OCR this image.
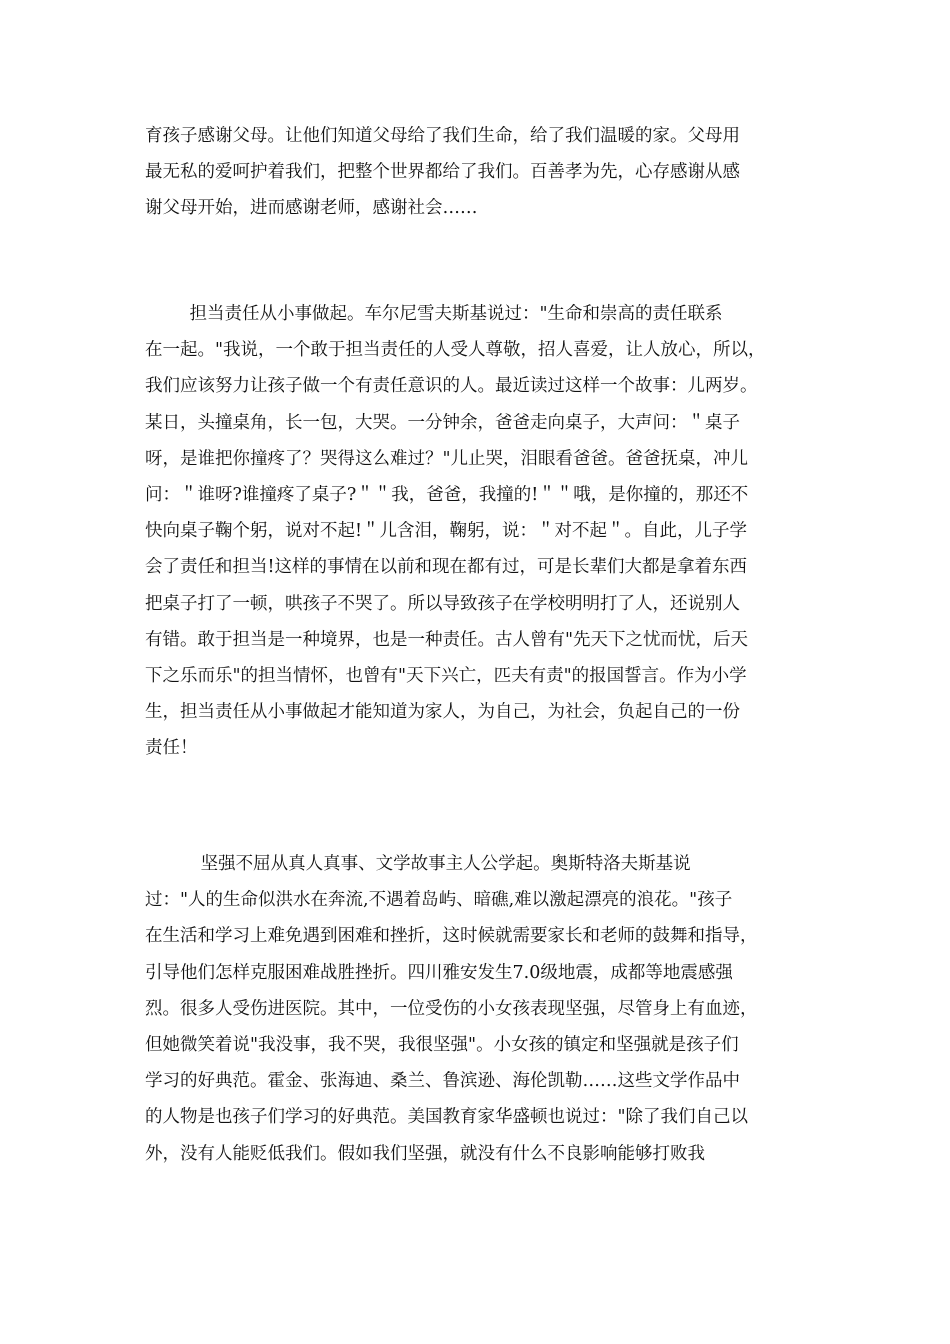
育孩子感谢父母。让他们知道父母给了我们生命，给了我们温暖的家。父母用
最无私的爱呵护着我们，把整个世界都给了我们。百善孝为先，心存感谢从感
谢父母开始，进而感谢老师，感谢社会……
担当责任从小事做起。车尔尼雪夫斯基说过："生命和崇高的责任联系
在一起。"我说，一个敢于担当责任的人受人尊敬，招人喜爱，让人放心，所以，
我们应该努力让孩子做一个有责任意识的人。最近读过这样一个故事：儿两岁。
某日，头撞桌角，长一包，大哭。一分钟余，爸爸走向桌子，大声问：＂桌子
呀，是谁把你撞疼了？哭得这么难过？"儿止哭，泪眼看爸爸。爸爸抚桌，冲儿
问：＂谁呀?谁撞疼了桌子?＂＂我，爸爸，我撞的!＂＂哦，是你撞的，那还不
快向桌子鞠个躬，说对不起!＂儿含泪，鞠躬，说：＂对不起＂。自此，儿子学
会了责任和担当!这样的事情在以前和现在都有过，可是长辈们大都是拿着东西
把桌子打了一顿，哄孩子不哭了。所以导致孩子在学校明明打了人，还说别人
有错。敢于担当是一种境界，也是一种责任。古人曾有"先天下之忧而忧，后天
下之乐而乐"的担当情怀，也曾有"天下兴亡，匹夫有责"的报国誓言。作为小学
生，担当责任从小事做起才能知道为家人，为自己，为社会，负起自己的一份
责任！
坚强不屈从真人真事、文学故事主人公学起。奥斯特洛夫斯基说
过："人的生命似洪水在奔流,不遇着岛屿、暗礁,难以激起漂亮的浪花。"孩子
在生活和学习上难免遇到困难和挫折，这时候就需要家长和老师的鼓舞和指导，
引导他们怎样克服困难战胜挫折。四川雅安发生7.0级地震，成都等地震感强
烈。很多人受伤进医院。其中，一位受伤的小女孩表现坚强，尽管身上有血迹，
但她微笑着说"我没事，我不哭，我很坚强"。小女孩的镇定和坚强就是孩子们
学习的好典范。霍金、张海迪、桑兰、鲁滨逊、海伦凯勒……这些文学作品中
的人物是也孩子们学习的好典范。美国教育家华盛顿也说过："除了我们自己以
外，没有人能贬低我们。假如我们坚强，就没有什么不良影响能够打败我
